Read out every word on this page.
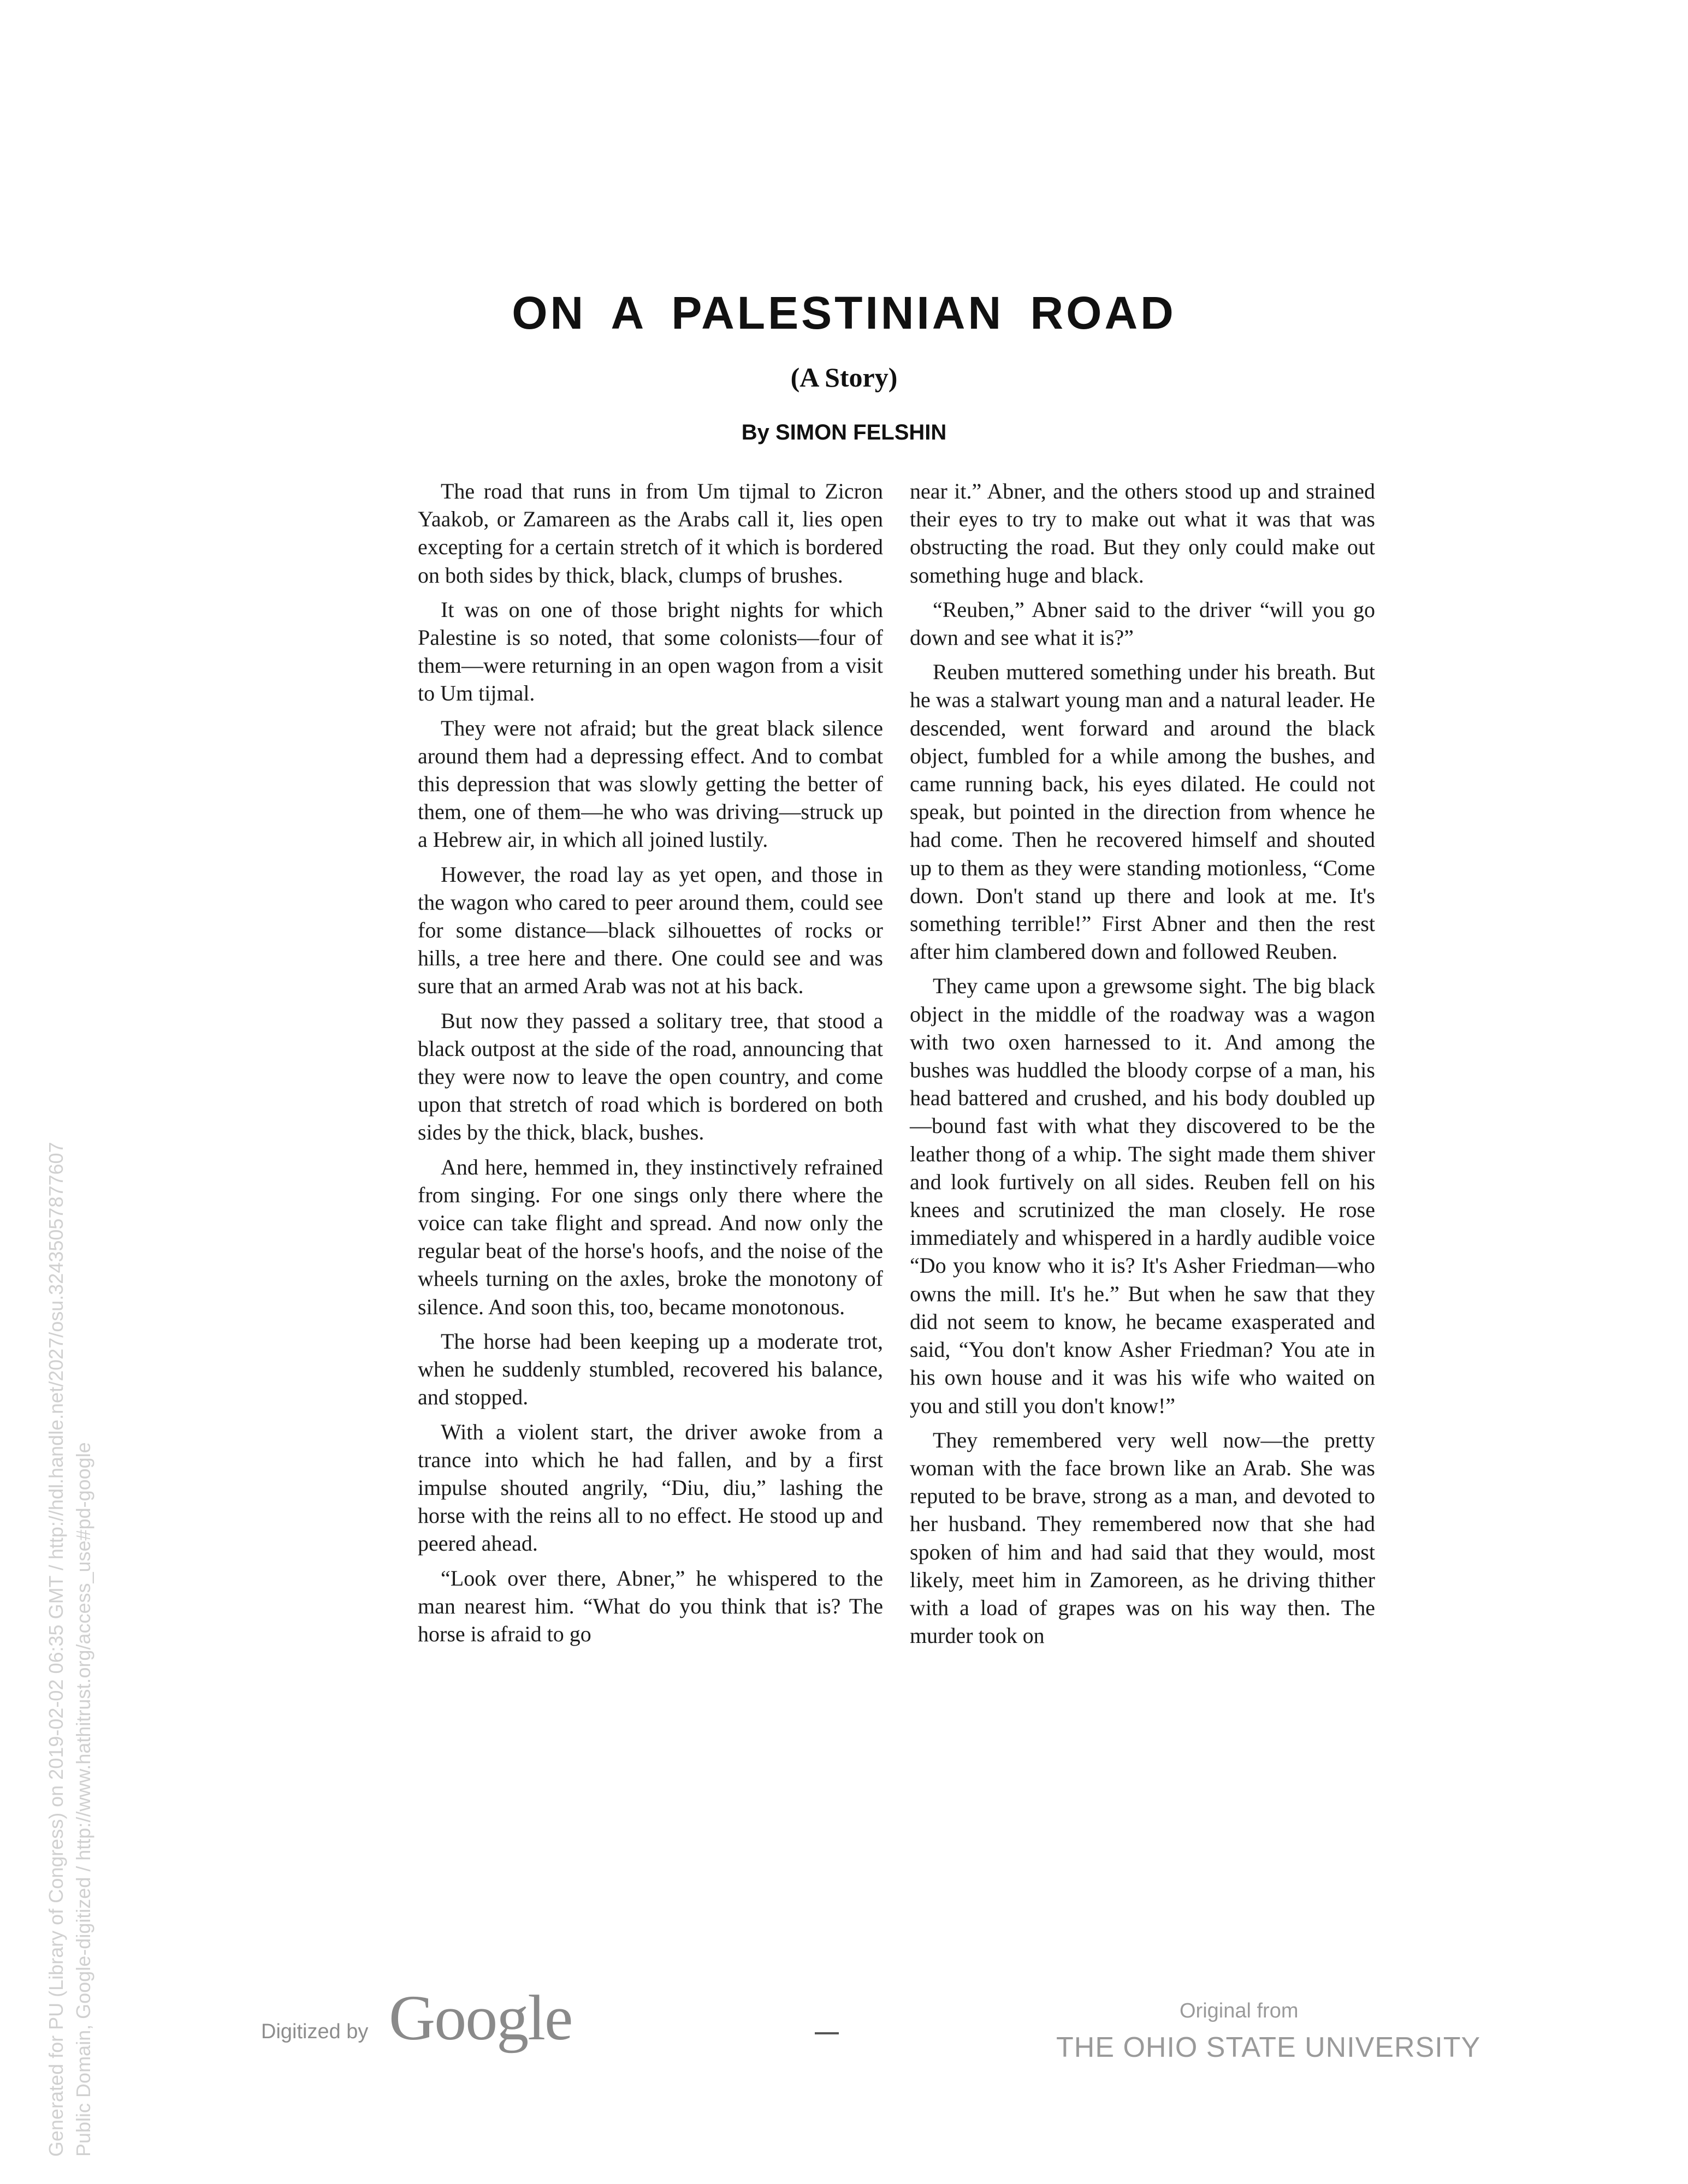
ON A PALESTINIAN ROAD
(A Story)
By SIMON FELSHIN

The road that runs in from Um tijmal to Zicron Yaakob, or Zamareen as the Arabs call it, lies open excepting for a certain stretch of it which is bordered on both sides by thick, black, clumps of brushes.

It was on one of those bright nights for which Palestine is so noted, that some colonists—four of them—were returning in an open wagon from a visit to Um tijmal.

They were not afraid; but the great black silence around them had a depressing effect. And to combat this depression that was slowly getting the better of them, one of them—he who was driving—struck up a Hebrew air, in which all joined lustily.

However, the road lay as yet open, and those in the wagon who cared to peer around them, could see for some distance—black silhouettes of rocks or hills, a tree here and there. One could see and was sure that an armed Arab was not at his back.

But now they passed a solitary tree, that stood a black outpost at the side of the road, announcing that they were now to leave the open country, and come upon that stretch of road which is bordered on both sides by the thick, black, bushes.

And here, hemmed in, they instinctively refrained from singing. For one sings only there where the voice can take flight and spread. And now only the regular beat of the horse's hoofs, and the noise of the wheels turning on the axles, broke the monotony of silence. And soon this, too, became monotonous.

The horse had been keeping up a moderate trot, when he suddenly stumbled, recovered his balance, and stopped.

With a violent start, the driver awoke from a trance into which he had fallen, and by a first impulse shouted angrily, “Diu, diu,” lashing the horse with the reins all to no effect. He stood up and peered ahead.

“Look over there, Abner,” he whispered to the man nearest him. “What do you think that is? The horse is afraid to go

near it.” Abner, and the others stood up and strained their eyes to try to make out what it was that was obstructing the road. But they only could make out something huge and black.

“Reuben,” Abner said to the driver “will you go down and see what it is?”

Reuben muttered something under his breath. But he was a stalwart young man and a natural leader. He descended, went forward and around the black object, fumbled for a while among the bushes, and came running back, his eyes dilated. He could not speak, but pointed in the direction from whence he had come. Then he recovered himself and shouted up to them as they were standing motionless, “Come down. Don't stand up there and look at me. It's something terrible!” First Abner and then the rest after him clambered down and followed Reuben.

They came upon a grewsome sight. The big black object in the middle of the roadway was a wagon with two oxen harnessed to it. And among the bushes was huddled the bloody corpse of a man, his head battered and crushed, and his body doubled up—bound fast with what they discovered to be the leather thong of a whip. The sight made them shiver and look furtively on all sides. Reuben fell on his knees and scrutinized the man closely. He rose immediately and whispered in a hardly audible voice “Do you know who it is? It's Asher Friedman—who owns the mill. It's he.” But when he saw that they did not seem to know, he became exasperated and said, “You don't know Asher Friedman? You ate in his own house and it was his wife who waited on you and still you don't know!”

They remembered very well now—the pretty woman with the face brown like an Arab. She was reputed to be brave, strong as a man, and devoted to her husband. They remembered now that she had spoken of him and had said that they would, most likely, meet him in Zamoreen, as he driving thither with a load of grapes was on his way then. The murder took on

Digitized by Google	Original from
THE OHIO STATE UNIVERSITY
Generated for PU (Library of Congress) on 2019-02-02 06:35 GMT / http://hdl.handle.net/2027/osu.32435057877607 Public Domain, Google-digitized / http://www.hathitrust.org/access_use#pd-google
